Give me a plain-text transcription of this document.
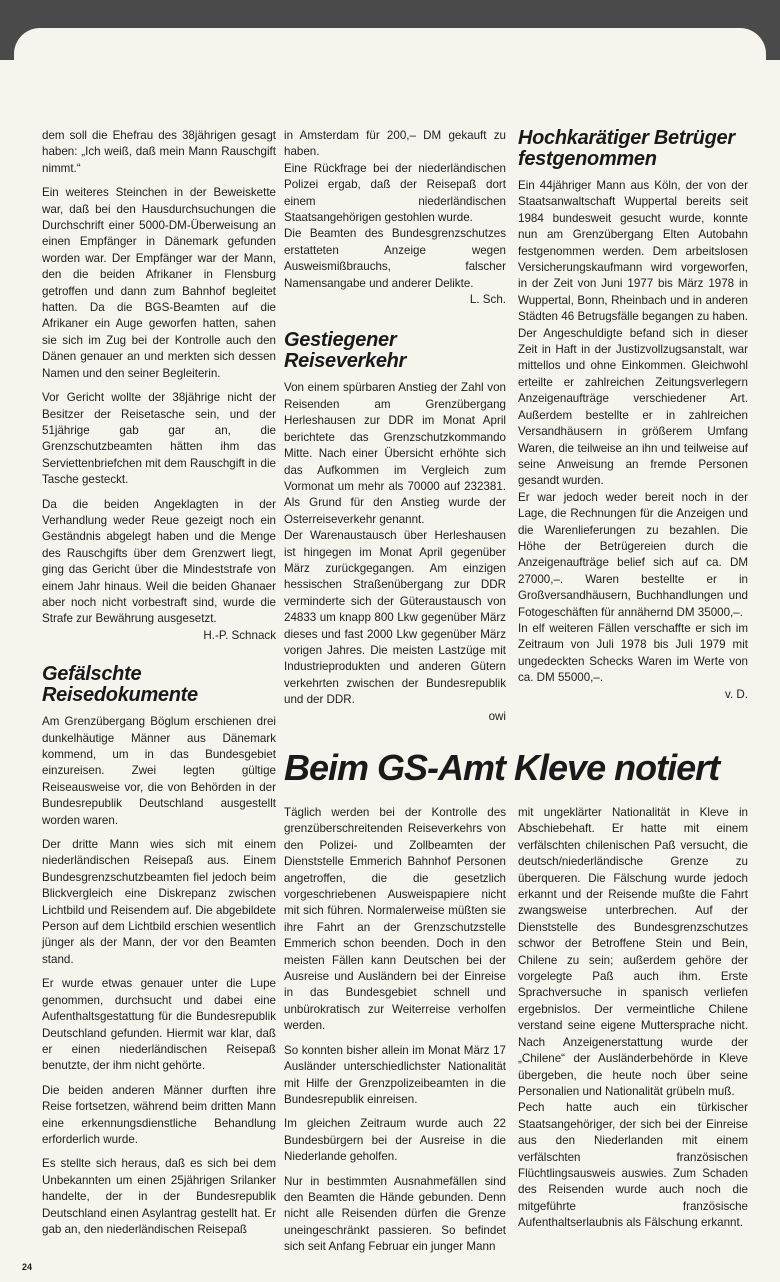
dem soll die Ehefrau des 38jährigen gesagt haben: „Ich weiß, daß mein Mann Rauschgift nimmt.“

Ein weiteres Steinchen in der Beweiskette war, daß bei den Hausdurchsuchungen die Durchschrift einer 5000-DM-Überweisung an einen Empfänger in Dänemark gefunden worden war. Der Empfänger war der Mann, den die beiden Afrikaner in Flensburg getroffen und dann zum Bahnhof begleitet hatten. Da die BGS-Beamten auf die Afrikaner ein Auge geworfen hatten, sahen sie sich im Zug bei der Kontrolle auch den Dänen genauer an und merkten sich dessen Namen und den seiner Begleiterin.

Vor Gericht wollte der 38jährige nicht der Besitzer der Reisetasche sein, und der 51jährige gab gar an, die Grenzschutzbeamten hätten ihm das Serviettenbriefchen mit dem Rauschgift in die Tasche gesteckt.

Da die beiden Angeklagten in der Verhandlung weder Reue gezeigt noch ein Geständnis abgelegt haben und die Menge des Rauschgifts über dem Grenzwert liegt, ging das Gericht über die Mindeststrafe von einem Jahr hinaus. Weil die beiden Ghanaer aber noch nicht vorbestraft sind, wurde die Strafe zur Bewährung ausgesetzt.

H.-P. Schnack

Gefälschte
Reisedokumente

Am Grenzübergang Böglum erschienen drei dunkelhäutige Männer aus Dänemark kommend, um in das Bundesgebiet einzureisen. Zwei legten gültige Reiseausweise vor, die von Behörden in der Bundesrepublik Deutschland ausgestellt worden waren.

Der dritte Mann wies sich mit einem niederländischen Reisepaß aus. Einem Bundesgrenzschutzbeamten fiel jedoch beim Blickvergleich eine Diskrepanz zwischen Lichtbild und Reisendem auf. Die abgebildete Person auf dem Lichtbild erschien wesentlich jünger als der Mann, der vor den Beamten stand.

Er wurde etwas genauer unter die Lupe genommen, durchsucht und dabei eine Aufenthaltsgestattung für die Bundesrepublik Deutschland gefunden. Hiermit war klar, daß er einen niederländischen Reisepaß benutzte, der ihm nicht gehörte.

Die beiden anderen Männer durften ihre Reise fortsetzen, während beim dritten Mann eine erkennungsdienstliche Behandlung erforderlich wurde.

Es stellte sich heraus, daß es sich bei dem Unbekannten um einen 25jährigen Srilanker handelte, der in der Bundesrepublik Deutschland einen Asylantrag gestellt hat. Er gab an, den niederländischen Reisepaß

in Amsterdam für 200,– DM gekauft zu haben.

Eine Rückfrage bei der niederländischen Polizei ergab, daß der Reisepaß dort einem niederländischen Staatsangehörigen gestohlen wurde.

Die Beamten des Bundesgrenzschutzes erstatteten Anzeige wegen Ausweismißbrauchs, falscher Namensangabe und anderer Delikte.

L. Sch.

Gestiegener
Reiseverkehr

Von einem spürbaren Anstieg der Zahl von Reisenden am Grenzübergang Herleshausen zur DDR im Monat April berichtete das Grenzschutzkommando Mitte. Nach einer Übersicht erhöhte sich das Aufkommen im Vergleich zum Vormonat um mehr als 70000 auf 232381. Als Grund für den Anstieg wurde der Osterreiseverkehr genannt.

Der Warenaustausch über Herleshausen ist hingegen im Monat April gegenüber März zurückgegangen. Am einzigen hessischen Straßenübergang zur DDR verminderte sich der Güteraustausch von 24833 um knapp 800 Lkw gegenüber März dieses und fast 2000 Lkw gegenüber März vorigen Jahres. Die meisten Lastzüge mit Industrieprodukten und anderen Gütern verkehrten zwischen der Bundesrepublik und der DDR.

owi

Hochkarätiger Betrüger
festgenommen

Ein 44jähriger Mann aus Köln, der von der Staatsanwaltschaft Wuppertal bereits seit 1984 bundesweit gesucht wurde, konnte nun am Grenzübergang Elten Autobahn festgenommen werden. Dem arbeitslosen Versicherungskaufmann wird vorgeworfen, in der Zeit von Juni 1977 bis März 1978 in Wuppertal, Bonn, Rheinbach und in anderen Städten 46 Betrugsfälle begangen zu haben. Der Angeschuldigte befand sich in dieser Zeit in Haft in der Justizvollzugsanstalt, war mittellos und ohne Einkommen. Gleichwohl erteilte er zahlreichen Zeitungsverlegern Anzeigenaufträge verschiedener Art. Außerdem bestellte er in zahlreichen Versandhäusern in größerem Umfang Waren, die teilweise an ihn und teilweise auf seine Anweisung an fremde Personen gesandt wurden.

Er war jedoch weder bereit noch in der Lage, die Rechnungen für die Anzeigen und die Warenlieferungen zu bezahlen. Die Höhe der Betrügereien durch die Anzeigenaufträge belief sich auf ca. DM 27000,–. Waren bestellte er in Großversandhäusern, Buchhandlungen und Fotogeschäften für annähernd DM 35000,–.

In elf weiteren Fällen verschaffte er sich im Zeitraum von Juli 1978 bis Juli 1979 mit ungedeckten Schecks Waren im Werte von ca. DM 55000,–.

v. D.

Beim GS-Amt Kleve notiert

Täglich werden bei der Kontrolle des grenzüberschreitenden Reiseverkehrs von den Polizei- und Zollbeamten der Dienststelle Emmerich Bahnhof Personen angetroffen, die die gesetzlich vorgeschriebenen Ausweispapiere nicht mit sich führen. Normalerweise müßten sie ihre Fahrt an der Grenzschutzstelle Emmerich schon beenden. Doch in den meisten Fällen kann Deutschen bei der Ausreise und Ausländern bei der Einreise in das Bundesgebiet schnell und unbürokratisch zur Weiterreise verholfen werden.

So konnten bisher allein im Monat März 17 Ausländer unterschiedlichster Nationalität mit Hilfe der Grenzpolizeibeamten in die Bundesrepublik einreisen.

Im gleichen Zeitraum wurde auch 22 Bundesbürgern bei der Ausreise in die Niederlande geholfen.

Nur in bestimmten Ausnahmefällen sind den Beamten die Hände gebunden. Denn nicht alle Reisenden dürfen die Grenze uneingeschränkt passieren. So befindet sich seit Anfang Februar ein junger Mann

mit ungeklärter Nationalität in Kleve in Abschiebehaft. Er hatte mit einem verfälschten chilenischen Paß versucht, die deutsch/niederländische Grenze zu überqueren. Die Fälschung wurde jedoch erkannt und der Reisende mußte die Fahrt zwangsweise unterbrechen. Auf der Dienststelle des Bundesgrenzschutzes schwor der Betroffene Stein und Bein, Chilene zu sein; außerdem gehöre der vorgelegte Paß auch ihm. Erste Sprachversuche in spanisch verliefen ergebnislos. Der vermeintliche Chilene verstand seine eigene Muttersprache nicht. Nach Anzeigenerstattung wurde der „Chilene“ der Ausländerbehörde in Kleve übergeben, die heute noch über seine Personalien und Nationalität grübeln muß.

Pech hatte auch ein türkischer Staatsangehöriger, der sich bei der Einreise aus den Niederlanden mit einem verfälschten französischen Flüchtlingsausweis auswies. Zum Schaden des Reisenden wurde auch noch die mitgeführte französische Aufenthaltserlaubnis als Fälschung erkannt.

24
